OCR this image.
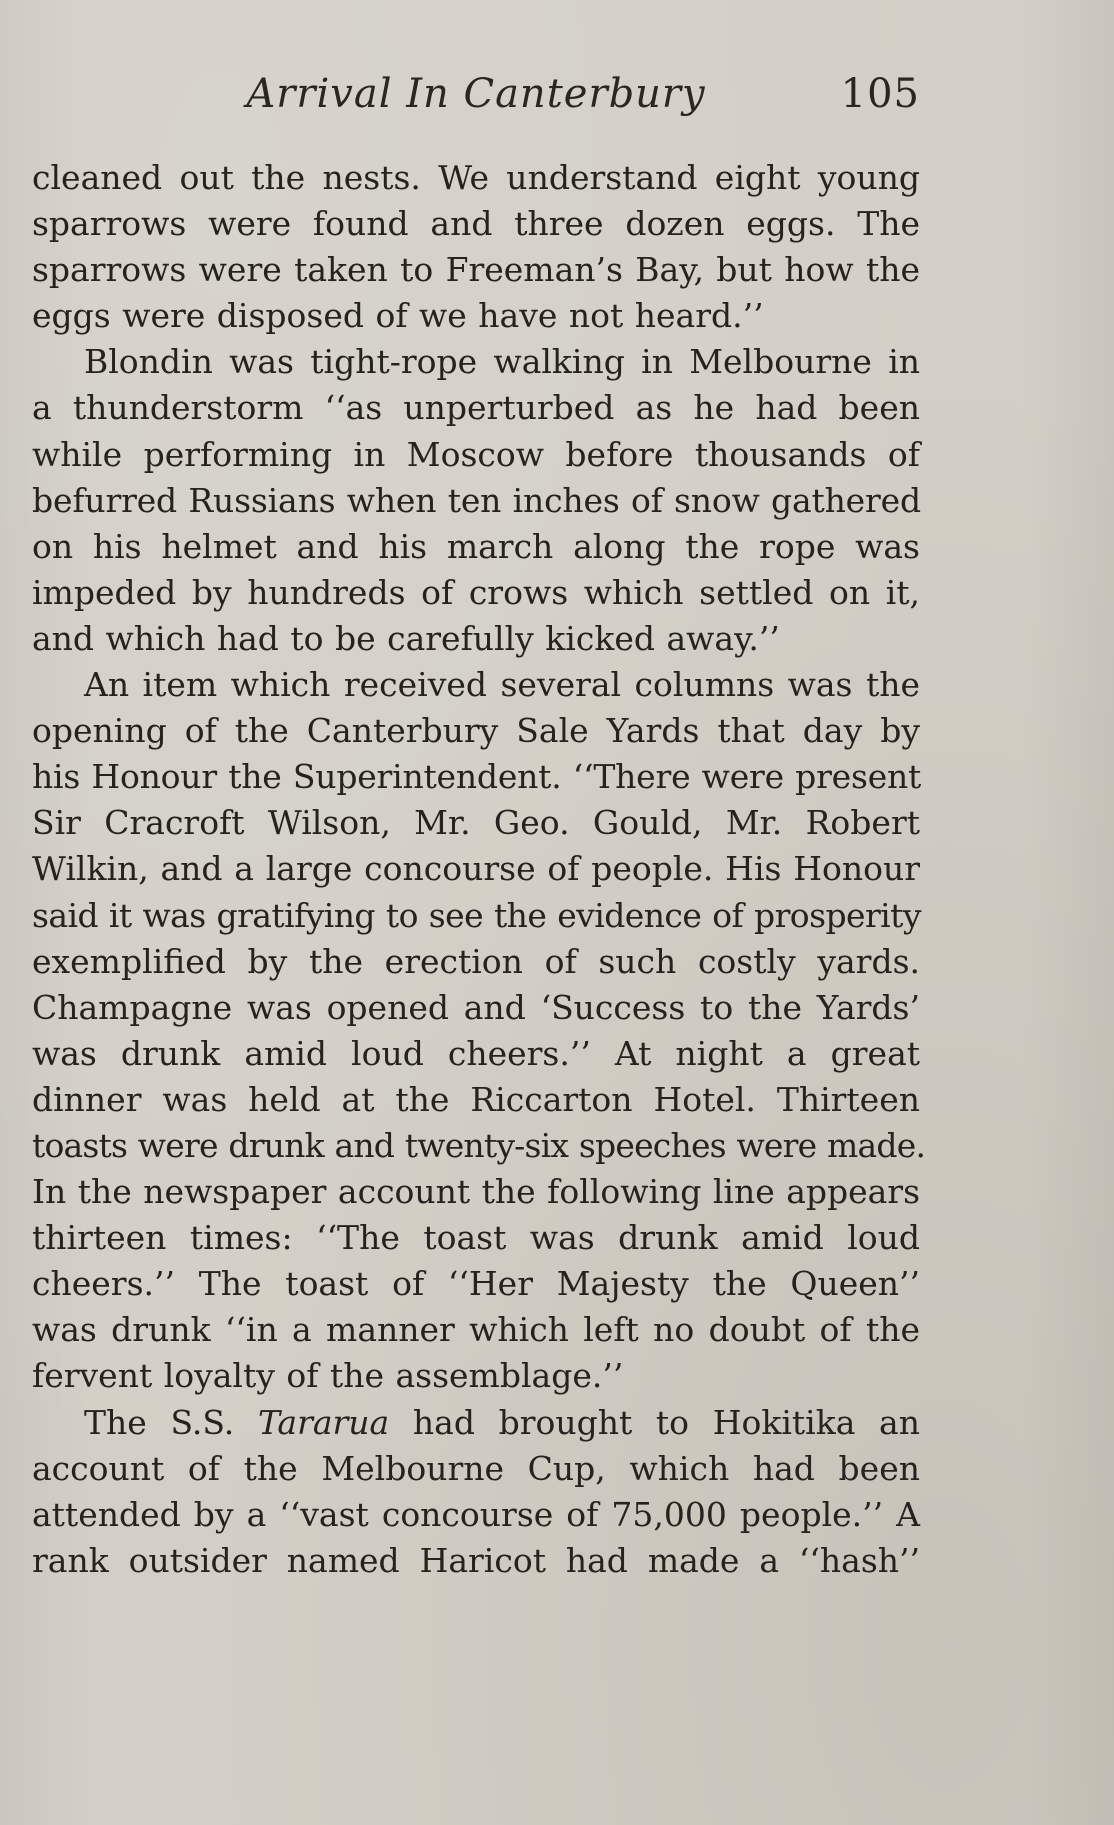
Arrival In Canterbury	105
cleaned out the nests. We understand eight young
sparrows were found and three dozen eggs. The
sparrows were taken to Freeman’s Bay, but how the
eggs were disposed of we have not heard.’’
Blondin was tight-rope walking in Melbourne in
a thunderstorm ‘‘as unperturbed as he had been
while performing in Moscow before thousands of
befurred Russians when ten inches of snow gathered
on his helmet and his march along the rope was
impeded by hundreds of crows which settled on it,
and which had to be carefully kicked away.’’
An item which received several columns was the
opening of the Canterbury Sale Yards that day by
his Honour the Superintendent. ‘‘There were present
Sir Cracroft Wilson, Mr. Geo. Gould, Mr. Robert
Wilkin, and a large concourse of people. His Honour
said it was gratifying to see the evidence of prosperity
exemplified by the erection of such costly yards.
Champagne was opened and ‘Success to the Yards’
was drunk amid loud cheers.’’ At night a great
dinner was held at the Riccarton Hotel. Thirteen
toasts were drunk and twenty-six speeches were made.
In the newspaper account the following line appears
thirteen times: ‘‘The toast was drunk amid loud
cheers.’’ The toast of ‘‘Her Majesty the Queen’’
was drunk ‘‘in a manner which left no doubt of the
fervent loyalty of the assemblage.’’
The S.S. Tararua had brought to Hokitika an
account of the Melbourne Cup, which had been
attended by a ‘‘vast concourse of 75,000 people.’’ A
rank outsider named Haricot had made a ‘‘hash’’
